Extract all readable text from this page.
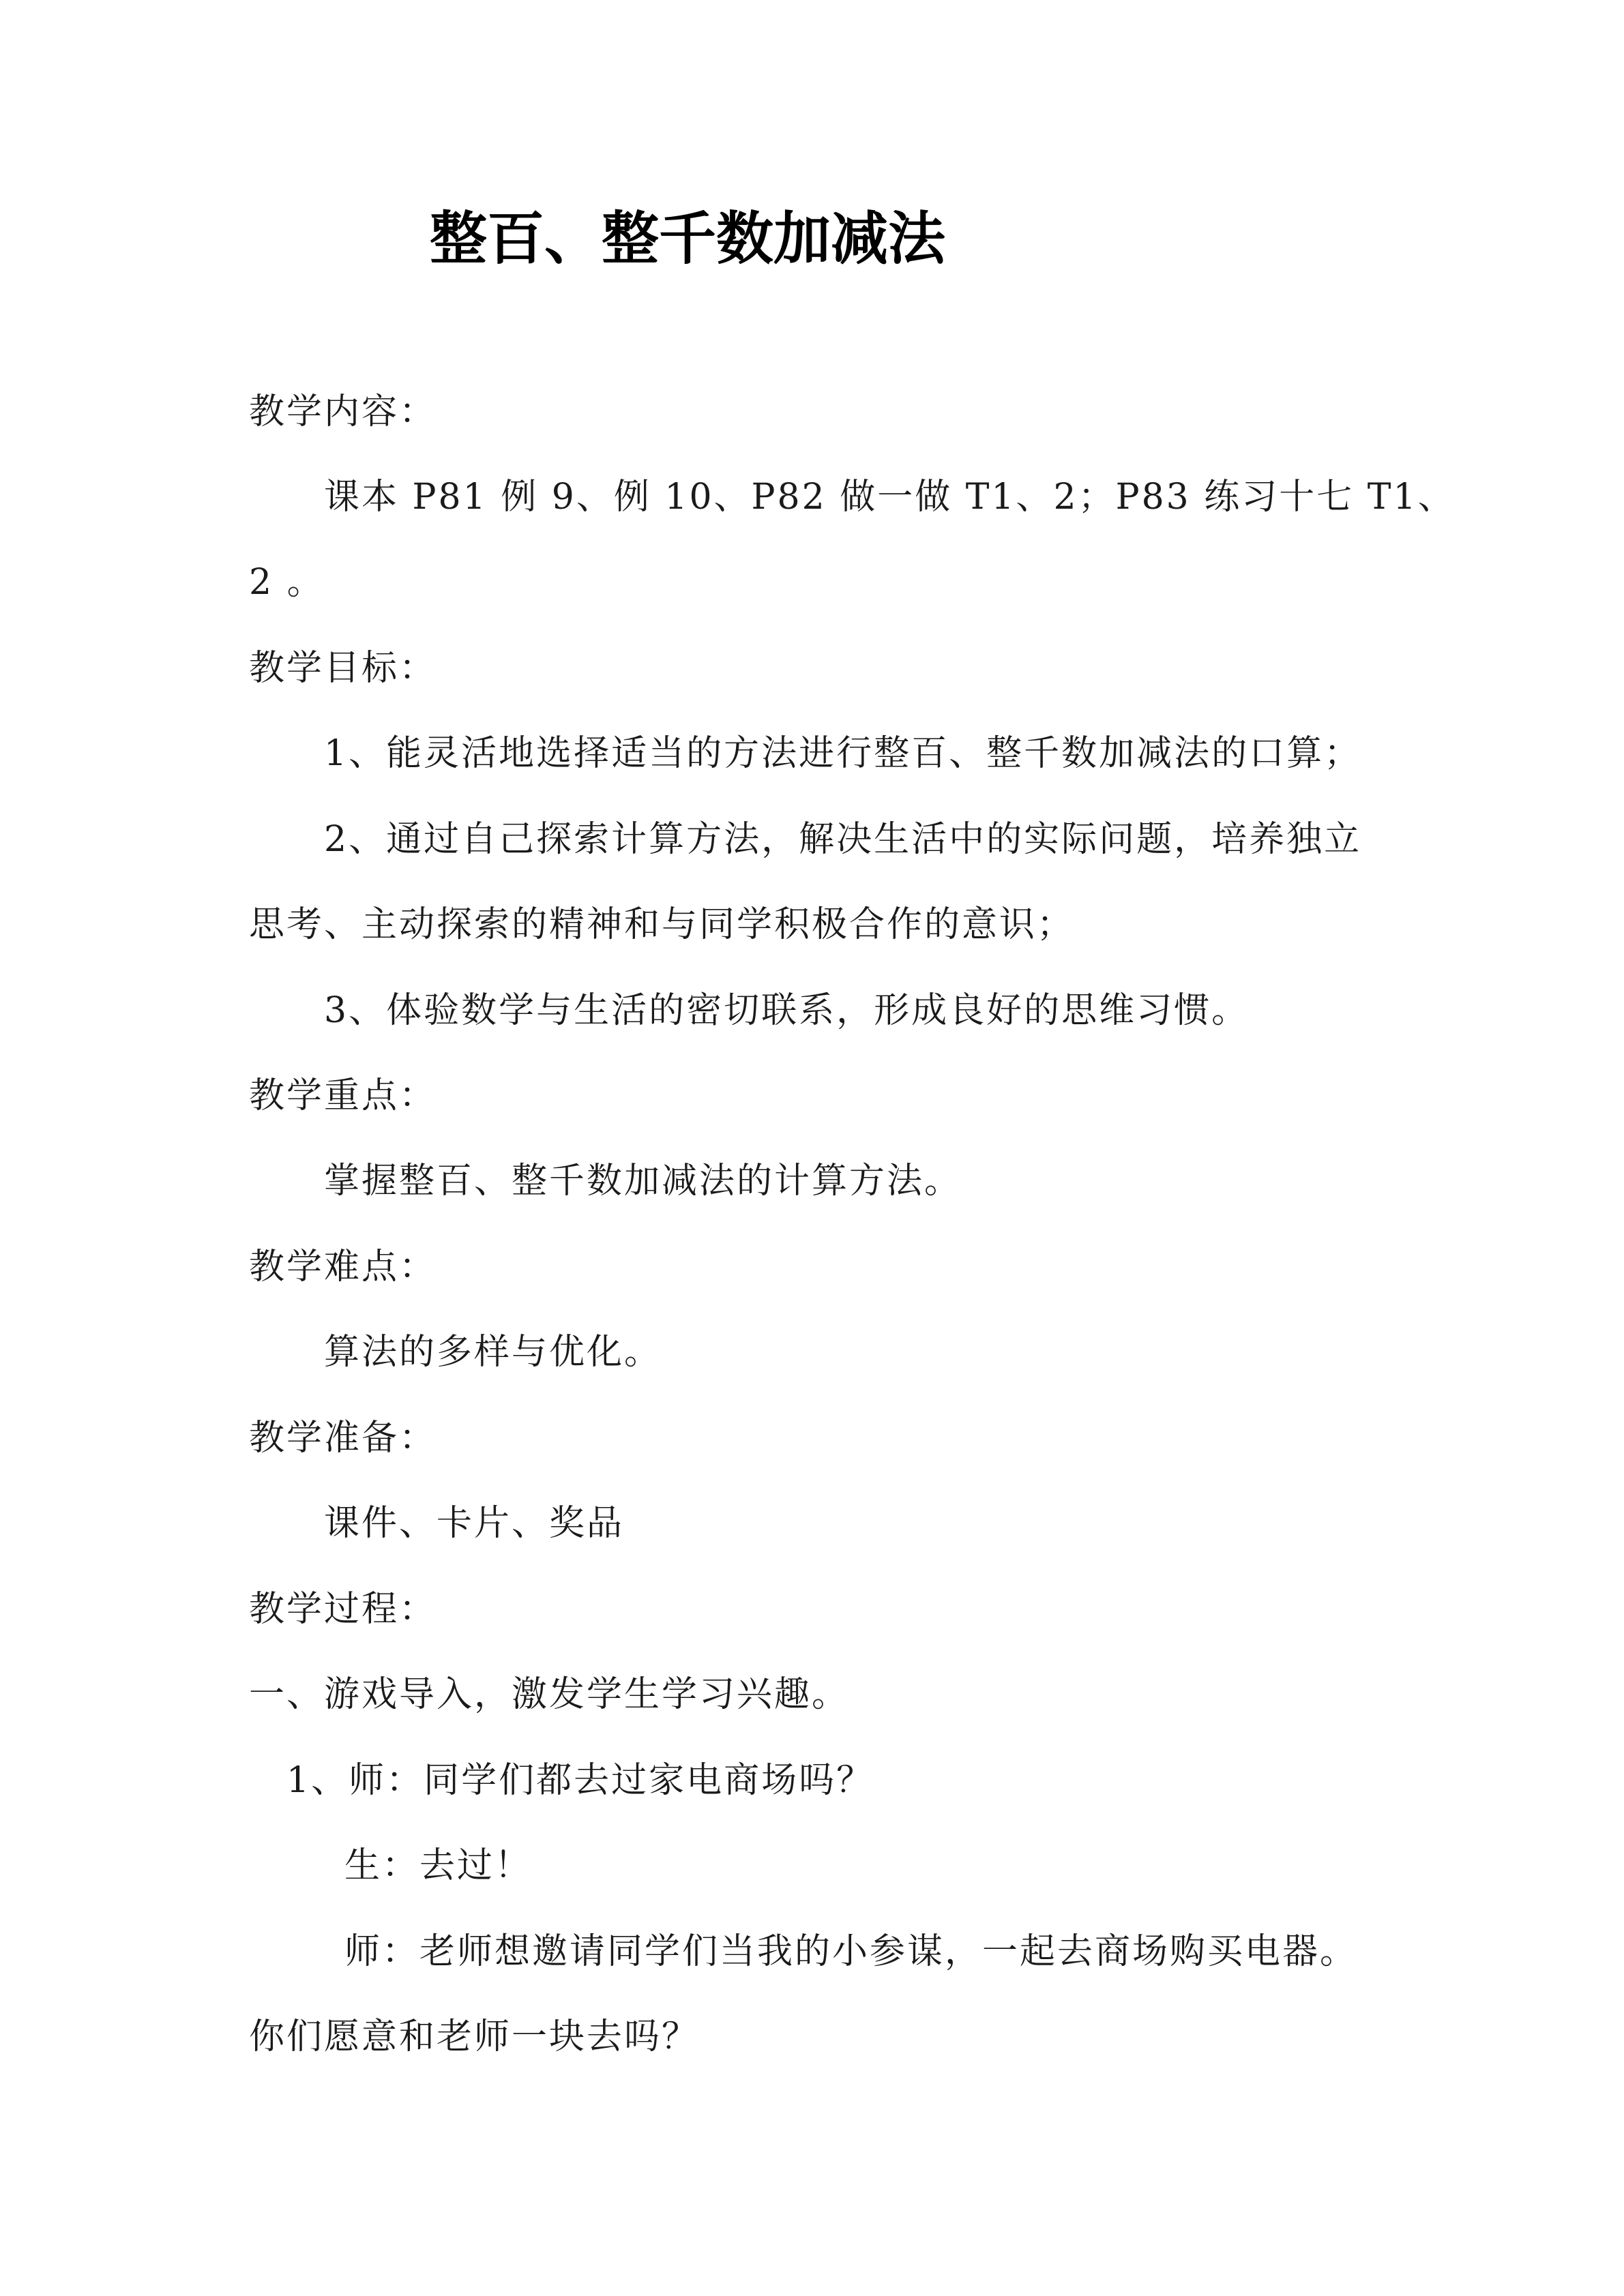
整百、整千数加减法
教学内容：
课本 P81 例 9、例 10、P82 做一做 T1、2；P83 练习十七 T1、
2 。
教学目标：
1、能灵活地选择适当的方法进行整百、整千数加减法的口算；
2、通过自己探索计算方法，解决生活中的实际问题，培养独立
思考、主动探索的精神和与同学积极合作的意识；
3、体验数学与生活的密切联系，形成良好的思维习惯。
教学重点：
掌握整百、整千数加减法的计算方法。
教学难点：
算法的多样与优化。
教学准备：
课件、卡片、奖品
教学过程：
一、游戏导入，激发学生学习兴趣。
1、师：同学们都去过家电商场吗？
生：去过！
师：老师想邀请同学们当我的小参谋，一起去商场购买电器。
你们愿意和老师一块去吗？
